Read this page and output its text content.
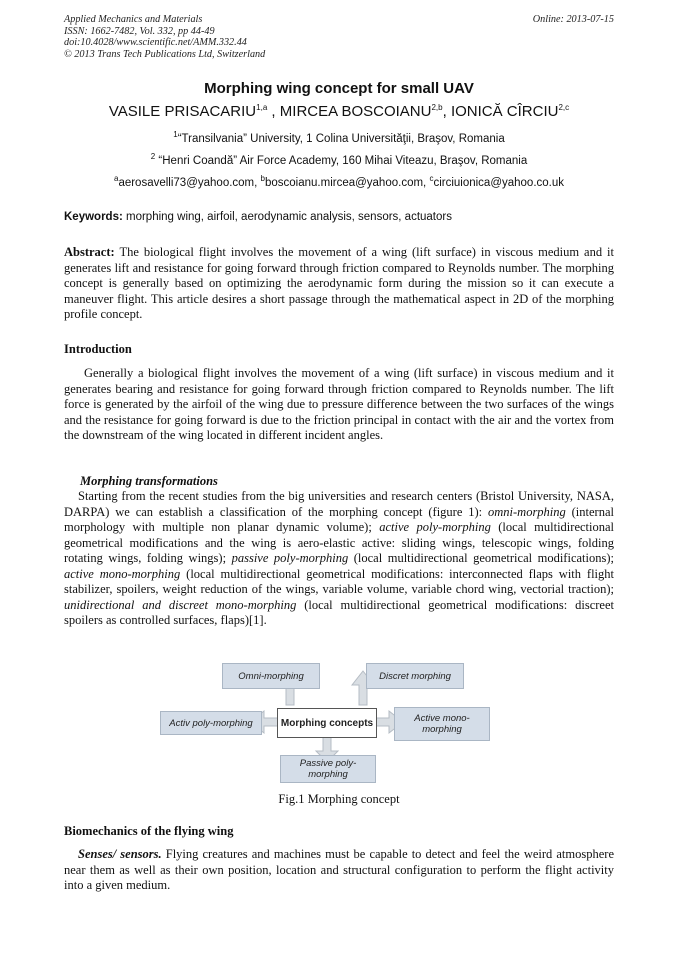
Applied Mechanics and Materials
ISSN: 1662-7482, Vol. 332, pp 44-49
doi:10.4028/www.scientific.net/AMM.332.44
© 2013 Trans Tech Publications Ltd, Switzerland
Online: 2013-07-15
Morphing wing concept for small UAV
VASILE PRISACARIU$^{1,a}$ , MIRCEA BOSCOIANU$^{2,b}$, IONICĂ CÎRCIU$^{2,c}$
$^1$“Transilvania” University, 1 Colina Universităţii, Braşov, Romania
$^2$ “Henri Coandă” Air Force Academy, 160 Mihai Viteazu, Braşov, Romania
$^a$aerosavelli73@yahoo.com, $^b$boscoianu.mircea@yahoo.com, $^c$circiuionica@yahoo.co.uk
Keywords: morphing wing, airfoil, aerodynamic analysis, sensors, actuators
Abstract: The biological flight involves the movement of a wing (lift surface) in viscous medium and it generates lift and resistance for going forward through friction compared to Reynolds number. The morphing concept is generally based on optimizing the aerodynamic form during the mission so it can execute a maneuver flight. This article desires a short passage through the mathematical aspect in 2D of the morphing profile concept.
Introduction
Generally a biological flight involves the movement of a wing (lift surface) in viscous medium and it generates bearing and resistance for going forward through friction compared to Reynolds number. The lift force is generated by the airfoil of the wing due to pressure difference between the two surfaces of the wings and the resistance for going forward is due to the friction principal in contact with the air and the vortex from the downstream of the wing located in different incident angles.
Morphing transformations
Starting from the recent studies from the big universities and research centers (Bristol University, NASA, DARPA) we can establish a classification of the morphing concept (figure 1): omni-morphing (internal morphology with multiple non planar dynamic volume); active poly-morphing (local multidirectional geometrical modifications and the wing is aero-elastic active: sliding wings, telescopic wings, folding rotating wings, folding wings); passive poly-morphing (local multidirectional geometrical modifications); active mono-morphing (local multidirectional geometrical modifications: interconnected flaps with flight stabilizer, spoilers, weight reduction of the wings, variable volume, variable chord wing, vectorial traction); unidirectional and discreet mono-morphing (local multidirectional geometrical modifications: discreet spoilers as controlled surfaces, flaps)[1].
Omni-morphing	Discret morphing
Activ poly-morphing	Morphing concepts	Active mono-morphing
Passive poly-morphing
Fig.1 Morphing concept
Biomechanics of the flying wing
Senses/ sensors. Flying creatures and machines must be capable to detect and feel the weird atmosphere near them as well as their own position, location and structural configuration to perform the flight activity into a given medium.
